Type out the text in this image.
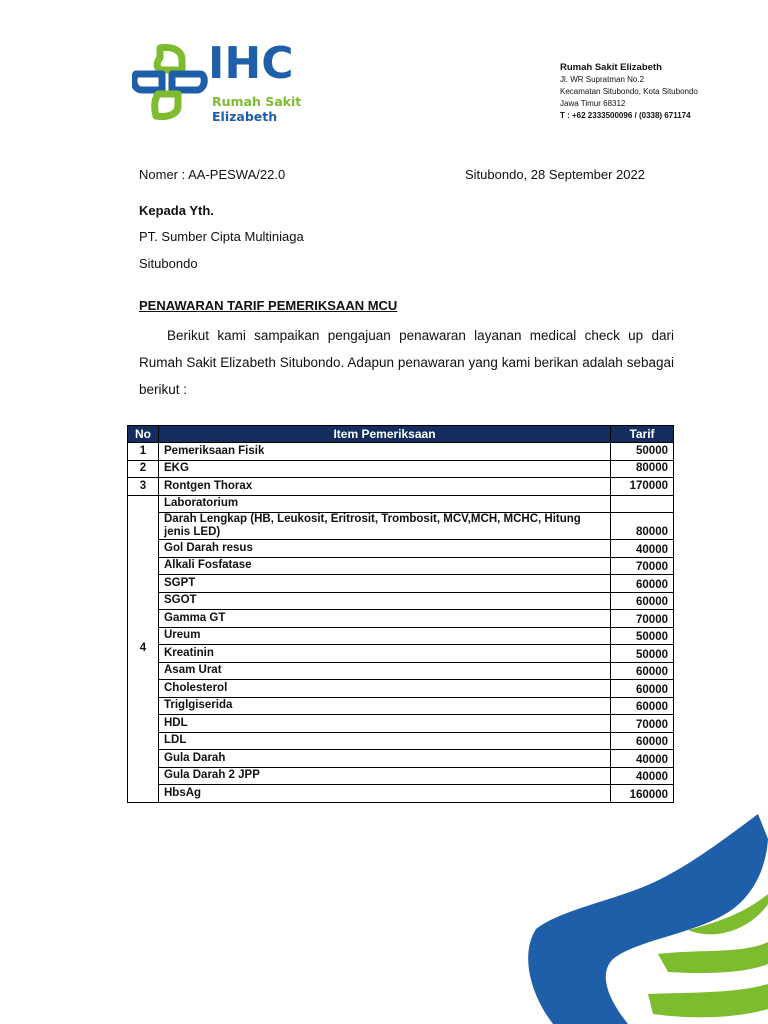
IHC
Rumah Sakit
Elizabeth
Rumah Sakit Elizabeth
Jl. WR Supratman No.2
Kecamatan Situbondo, Kota Situbondo
Jawa Timur 68312
T : +62 2333500096 / (0338) 671174
Nomer : AA-PESWA/22.0	Situbondo, 28 September 2022
Kepada Yth.
PT. Sumber Cipta Multiniaga
Situbondo
PENAWARAN TARIF PEMERIKSAAN MCU
Berikut kami sampaikan pengajuan penawaran layanan medical check up dari Rumah Sakit Elizabeth Situbondo. Adapun penawaran yang kami berikan adalah sebagai berikut :
No	Item Pemeriksaan	Tarif
1	Pemeriksaan Fisik	50000
2	EKG	80000
3	Rontgen Thorax	170000
4	Laboratorium	
	Darah Lengkap (HB, Leukosit, Eritrosit, Trombosit, MCV,MCH, MCHC, Hitung jenis LED)	80000
	Gol Darah resus	40000
	Alkali Fosfatase	70000
	SGPT	60000
	SGOT	60000
	Gamma GT	70000
	Ureum	50000
	Kreatinin	50000
	Asam Urat	60000
	Cholesterol	60000
	Triglgiserida	60000
	HDL	70000
	LDL	60000
	Gula Darah	40000
	Gula Darah 2 JPP	40000
	HbsAg	160000
